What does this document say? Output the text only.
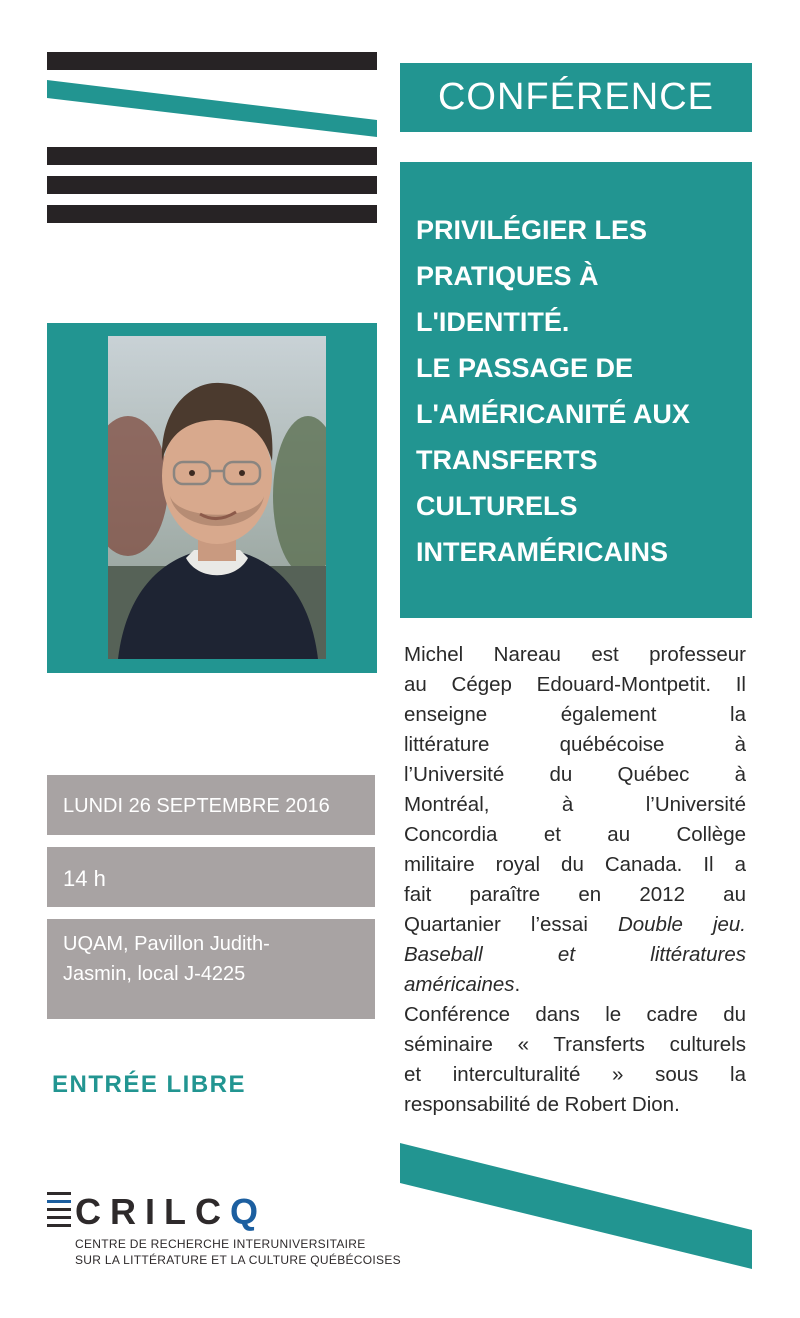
CONFÉRENCE

PRIVILÉGIER LES
PRATIQUES À
L'IDENTITÉ.
LE PASSAGE DE
L'AMÉRICANITÉ AUX
TRANSFERTS
CULTURELS
INTERAMÉRICAINS

LUNDI 26 SEPTEMBRE 2016
14 h
UQAM, Pavillon Judith-
Jasmin, local J-4225
Michel Nareau est professeur
au Cégep Edouard-Montpetit. Il
enseigne également la
littérature québécoise à
l’Université du Québec à
Montréal, à l’Université
Concordia et au Collège
militaire royal du Canada. Il a
fait paraître en 2012 au
Quartanier l’essai Double jeu.
Baseball et littératures
américaines.
Conférence dans le cadre du
séminaire « Transferts culturels
et interculturalité » sous la
responsabilité de Robert Dion.
ENTRÉE LIBRE
CRILCQ
CENTRE DE RECHERCHE INTERUNIVERSITAIRE
SUR LA LITTÉRATURE ET LA CULTURE QUÉBÉCOISES
